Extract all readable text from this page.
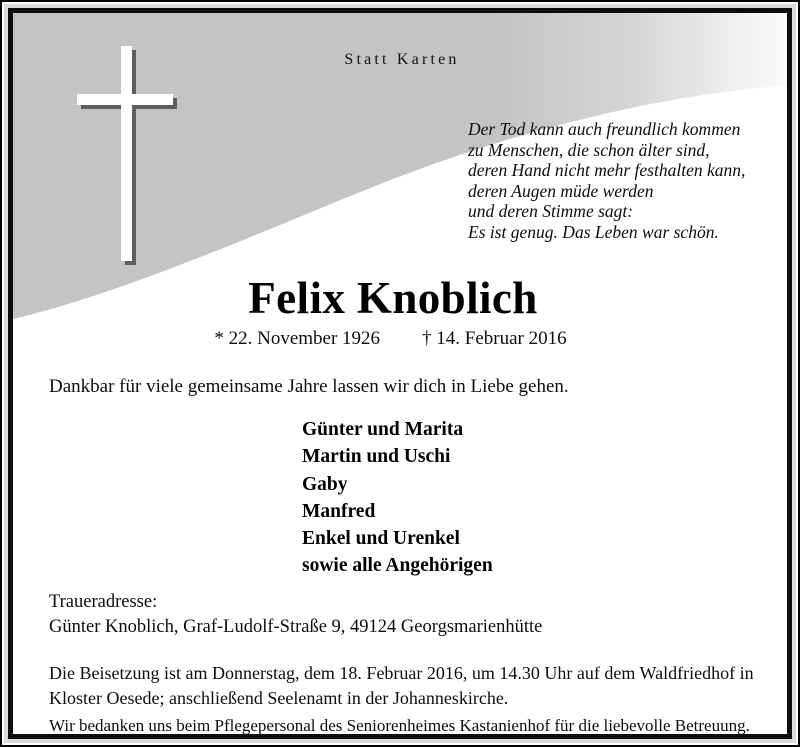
Statt Karten
Der Tod kann auch freundlich kommen
zu Menschen, die schon älter sind,
deren Hand nicht mehr festhalten kann,
deren Augen müde werden
und deren Stimme sagt:
Es ist genug. Das Leben war schön.
Felix Knoblich
* 22. November 1926 † 14. Februar 2016
Dankbar für viele gemeinsame Jahre lassen wir dich in Liebe gehen.
Günter und Marita
Martin und Uschi
Gaby
Manfred
Enkel und Urenkel
sowie alle Angehörigen
Traueradresse:
Günter Knoblich, Graf-Ludolf-Straße 9, 49124 Georgsmarienhütte
Die Beisetzung ist am Donnerstag, dem 18. Februar 2016, um 14.30 Uhr auf dem Waldfriedhof in Kloster Oesede; anschließend Seelenamt in der Johanneskirche.
Wir bedanken uns beim Pflegepersonal des Seniorenheimes Kastanienhof für die liebevolle Betreuung.
